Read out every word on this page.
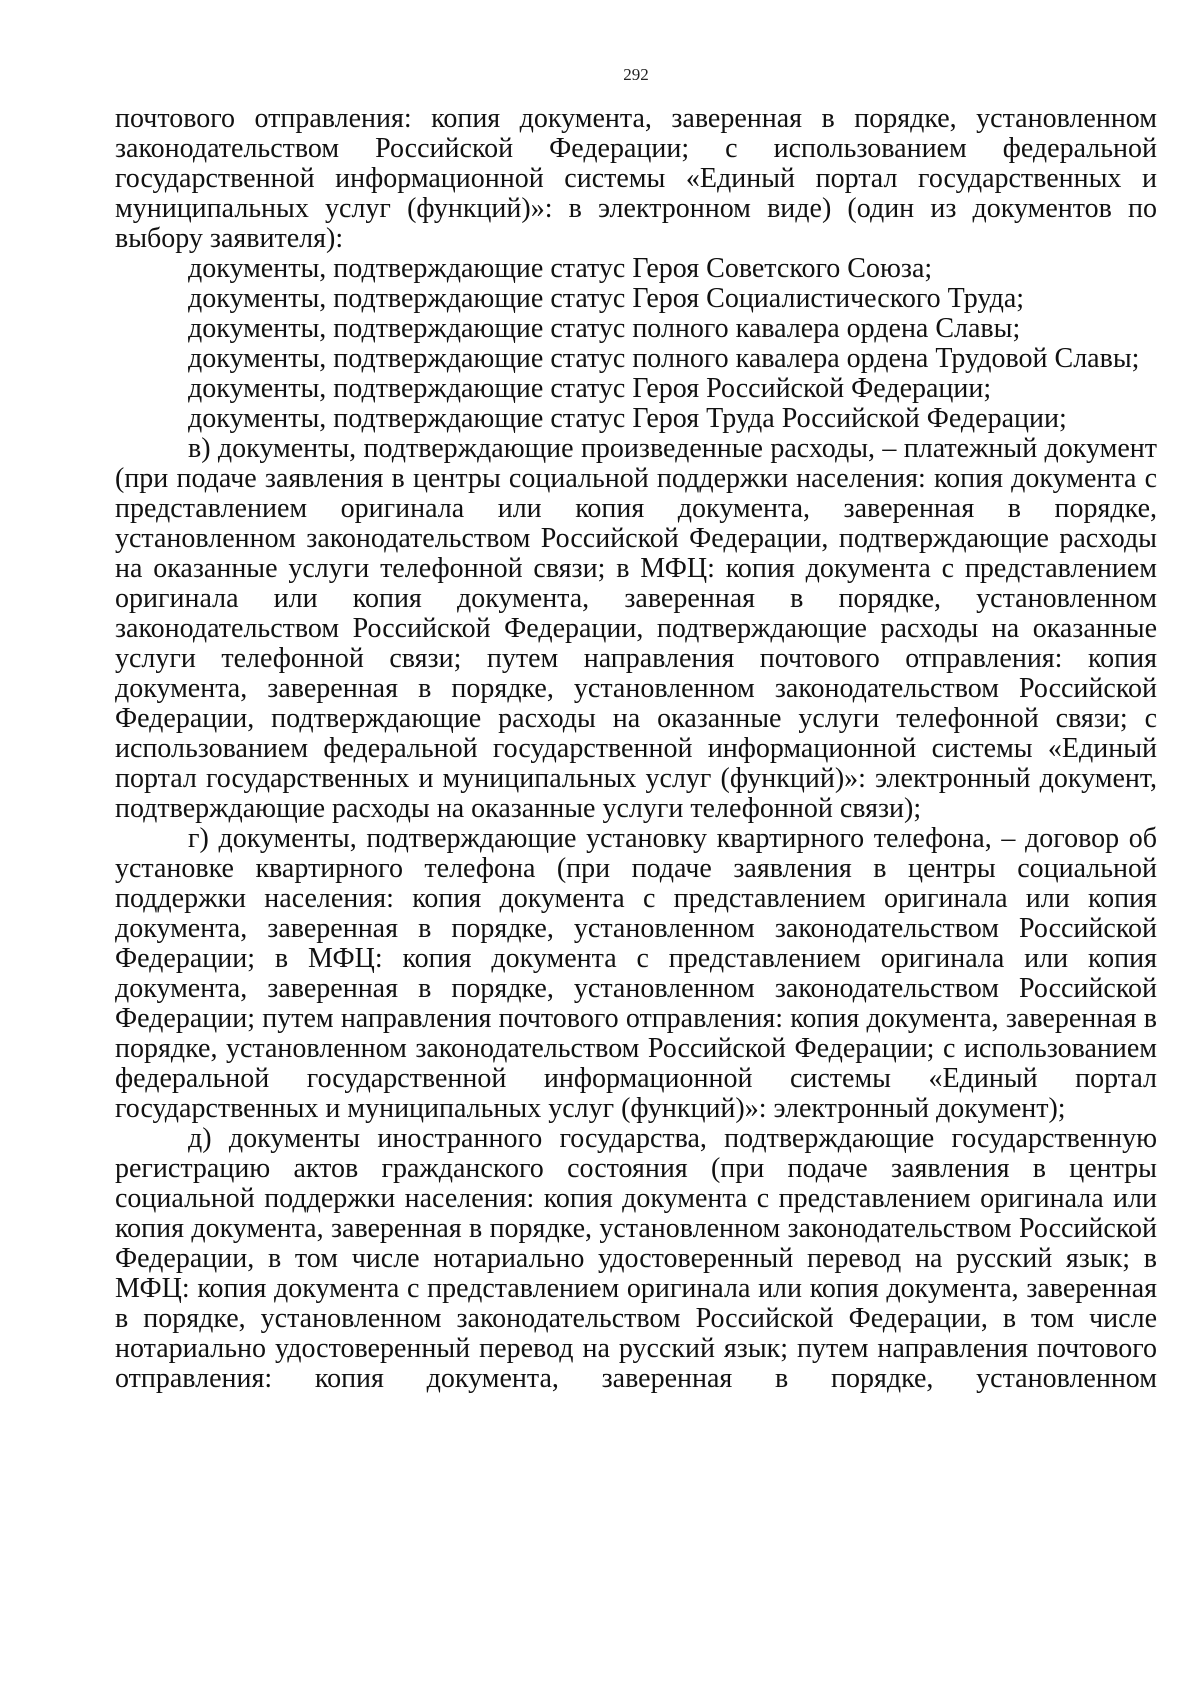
292

почтового отправления: копия документа, заверенная в порядке, установленном законодательством Российской Федерации; с использованием федеральной государственной информационной системы «Единый портал государственных и муниципальных услуг (функций)»: в электронном виде) (один из документов по выбору заявителя):

документы, подтверждающие статус Героя Советского Союза;

документы, подтверждающие статус Героя Социалистического Труда;

документы, подтверждающие статус полного кавалера ордена Славы;

документы, подтверждающие статус полного кавалера ордена Трудовой Славы;

документы, подтверждающие статус Героя Российской Федерации;

документы, подтверждающие статус Героя Труда Российской Федерации;

в) документы, подтверждающие произведенные расходы, – платежный документ (при подаче заявления в центры социальной поддержки населения: копия документа с представлением оригинала или копия документа, заверенная в порядке, установленном законодательством Российской Федерации, подтверждающие расходы на оказанные услуги телефонной связи; в МФЦ: копия документа с представлением оригинала или копия документа, заверенная в порядке, установленном законодательством Российской Федерации, подтверждающие расходы на оказанные услуги телефонной связи; путем направления почтового отправления: копия документа, заверенная в порядке, установленном законодательством Российской Федерации, подтверждающие расходы на оказанные услуги телефонной связи; с использованием федеральной государственной информационной системы «Единый портал государственных и муниципальных услуг (функций)»: электронный документ, подтверждающие расходы на оказанные услуги телефонной связи);

г) документы, подтверждающие установку квартирного телефона, – договор об установке квартирного телефона (при подаче заявления в центры социальной поддержки населения: копия документа с представлением оригинала или копия документа, заверенная в порядке, установленном законодательством Российской Федерации; в МФЦ: копия документа с представлением оригинала или копия документа, заверенная в порядке, установленном законодательством Российской Федерации; путем направления почтового отправления: копия документа, заверенная в порядке, установленном законодательством Российской Федерации; с использованием федеральной государственной информационной системы «Единый портал государственных и муниципальных услуг (функций)»: электронный документ);

д) документы иностранного государства, подтверждающие государственную регистрацию актов гражданского состояния (при подаче заявления в центры социальной поддержки населения: копия документа с представлением оригинала или копия документа, заверенная в порядке, установленном законодательством Российской Федерации, в том числе нотариально удостоверенный перевод на русский язык; в МФЦ: копия документа с представлением оригинала или копия документа, заверенная в порядке, установленном законодательством Российской Федерации, в том числе нотариально удостоверенный перевод на русский язык; путем направления почтового отправления: копия документа, заверенная в порядке, установленном
